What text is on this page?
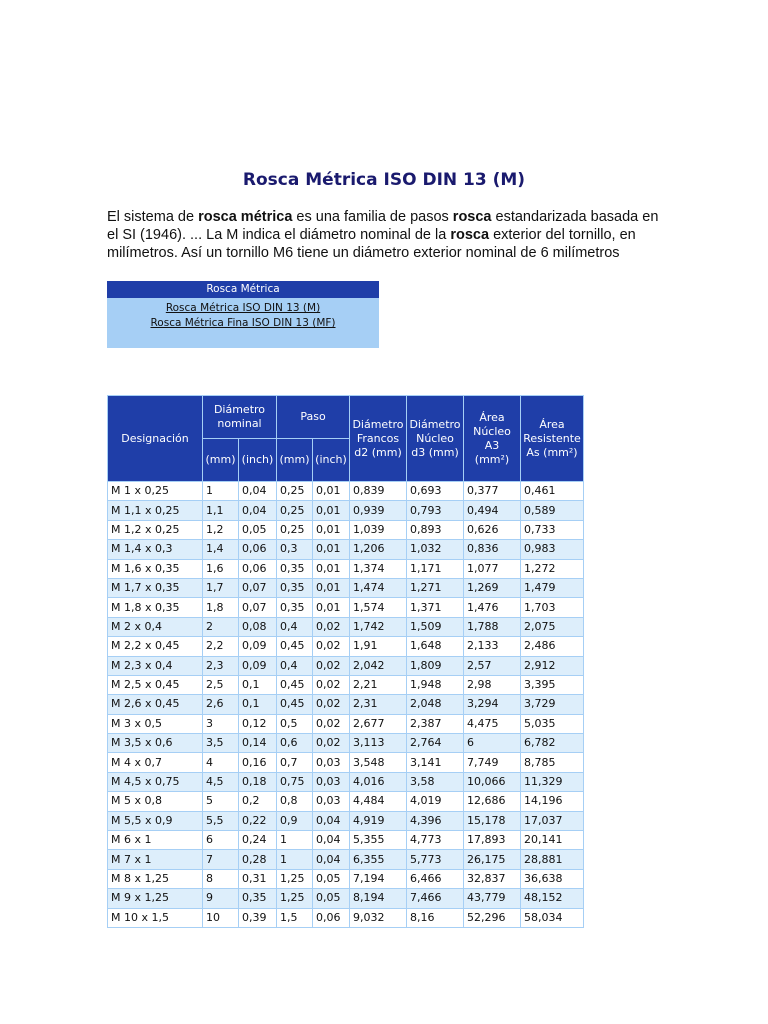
Rosca Métrica ISO DIN 13 (M)
El sistema de rosca métrica es una familia de pasos rosca estandarizada basada en el SI (1946). ... La M indica el diámetro nominal de la rosca exterior del tornillo, en milímetros. Así un tornillo M6 tiene un diámetro exterior nominal de 6 milímetros
Rosca Métrica
Rosca Métrica ISO DIN 13 (M)
Rosca Métrica Fina ISO DIN 13 (MF)
Designación	Diámetro nominal		Paso		Diámetro Francos d2 (mm)	Diámetro Núcleo d3 (mm)	Área Núcleo A3 (mm²)	Área Resistente As (mm²)
	(mm)	(inch)	(mm)	(inch)				
M 1 x 0,25	1	0,04	0,25	0,01	0,839	0,693	0,377	0,461
M 1,1 x 0,25	1,1	0,04	0,25	0,01	0,939	0,793	0,494	0,589
M 1,2 x 0,25	1,2	0,05	0,25	0,01	1,039	0,893	0,626	0,733
M 1,4 x 0,3	1,4	0,06	0,3	0,01	1,206	1,032	0,836	0,983
M 1,6 x 0,35	1,6	0,06	0,35	0,01	1,374	1,171	1,077	1,272
M 1,7 x 0,35	1,7	0,07	0,35	0,01	1,474	1,271	1,269	1,479
M 1,8 x 0,35	1,8	0,07	0,35	0,01	1,574	1,371	1,476	1,703
M 2 x 0,4	2	0,08	0,4	0,02	1,742	1,509	1,788	2,075
M 2,2 x 0,45	2,2	0,09	0,45	0,02	1,91	1,648	2,133	2,486
M 2,3 x 0,4	2,3	0,09	0,4	0,02	2,042	1,809	2,57	2,912
M 2,5 x 0,45	2,5	0,1	0,45	0,02	2,21	1,948	2,98	3,395
M 2,6 x 0,45	2,6	0,1	0,45	0,02	2,31	2,048	3,294	3,729
M 3 x 0,5	3	0,12	0,5	0,02	2,677	2,387	4,475	5,035
M 3,5 x 0,6	3,5	0,14	0,6	0,02	3,113	2,764	6	6,782
M 4 x 0,7	4	0,16	0,7	0,03	3,548	3,141	7,749	8,785
M 4,5 x 0,75	4,5	0,18	0,75	0,03	4,016	3,58	10,066	11,329
M 5 x 0,8	5	0,2	0,8	0,03	4,484	4,019	12,686	14,196
M 5,5 x 0,9	5,5	0,22	0,9	0,04	4,919	4,396	15,178	17,037
M 6 x 1	6	0,24	1	0,04	5,355	4,773	17,893	20,141
M 7 x 1	7	0,28	1	0,04	6,355	5,773	26,175	28,881
M 8 x 1,25	8	0,31	1,25	0,05	7,194	6,466	32,837	36,638
M 9 x 1,25	9	0,35	1,25	0,05	8,194	7,466	43,779	48,152
M 10 x 1,5	10	0,39	1,5	0,06	9,032	8,16	52,296	58,034
